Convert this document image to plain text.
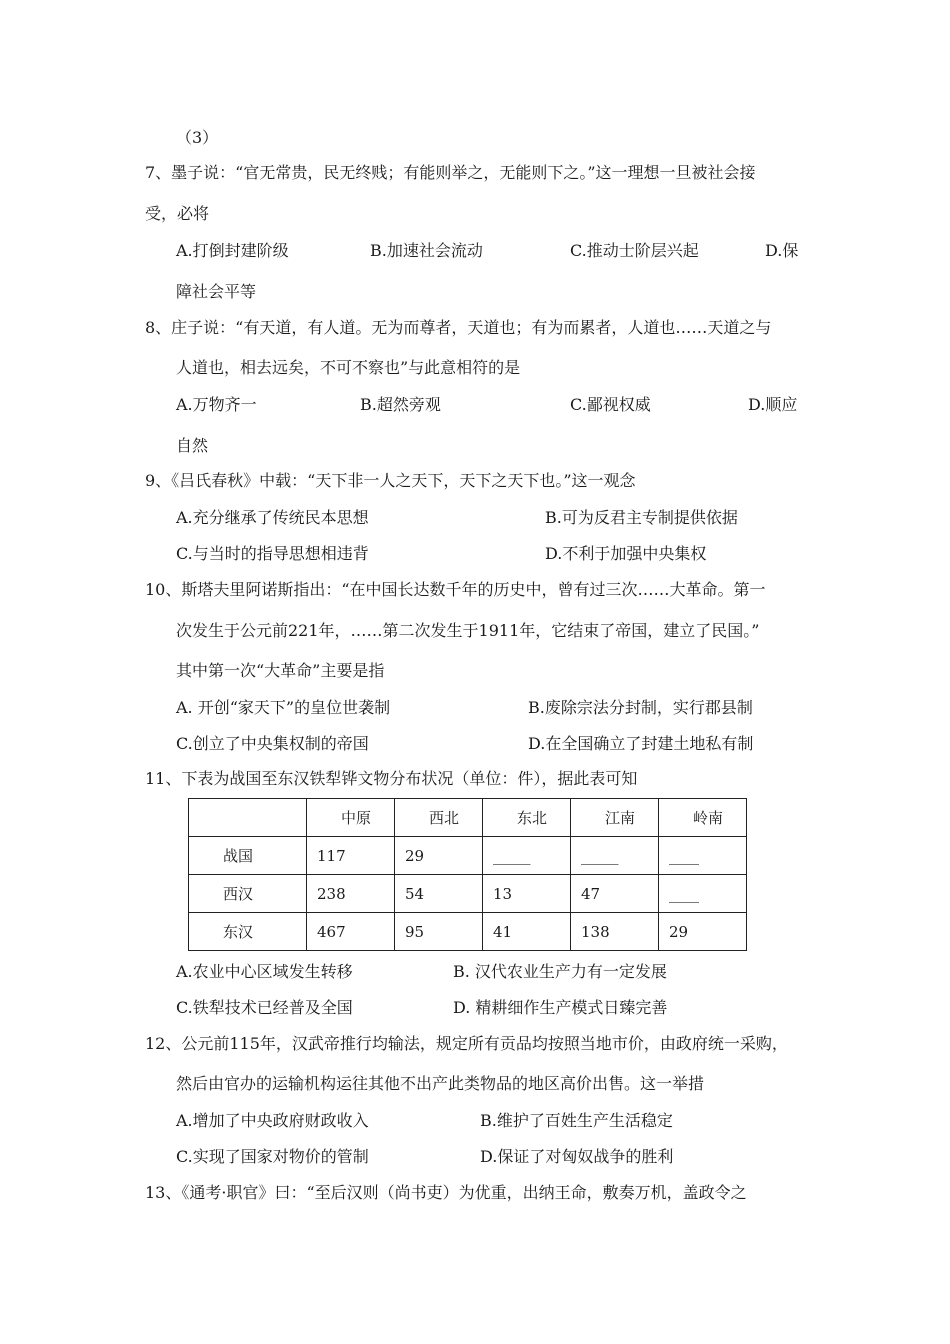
（3）
7、墨子说：“官无常贵，民无终贱；有能则举之，无能则下之。”这一理想一旦被社会接
受，必将
A.打倒封建阶级	B.加速社会流动	C.推动士阶层兴起	D.保
障社会平等
8、庄子说：“有天道，有人道。无为而尊者，天道也；有为而累者，人道也……天道之与
人道也，相去远矣，不可不察也”与此意相符的是
A.万物齐一	B.超然旁观	C.鄙视权威	D.顺应
自然
9、《吕氏春秋》中载：“天下非一人之天下，天下之天下也。”这一观念
A.充分继承了传统民本思想	B.可为反君主专制提供依据
C.与当时的指导思想相违背	D.不利于加强中央集权
10、斯塔夫里阿诺斯指出：“在中国长达数千年的历史中，曾有过三次……大革命。第一
次发生于公元前221年，……第二次发生于1911年，它结束了帝国，建立了民国。”
其中第一次“大革命”主要是指
A. 开创“家天下”的皇位世袭制	B.废除宗法分封制，实行郡县制
C.创立了中央集权制的帝国	D.在全国确立了封建土地私有制
11、下表为战国至东汉铁犁铧文物分布状况（单位：件），据此表可知
	中原	西北	东北	江南	岭南
战国	117	29	_____	_____	____
西汉	238	54	13	47	____
东汉	467	95	41	138	29
A.农业中心区域发生转移	B. 汉代农业生产力有一定发展
C.铁犁技术已经普及全国	D. 精耕细作生产模式日臻完善
12、公元前115年，汉武帝推行均输法，规定所有贡品均按照当地市价，由政府统一采购，
然后由官办的运输机构运往其他不出产此类物品的地区高价出售。这一举措
A.增加了中央政府财政收入	B.维护了百姓生产生活稳定
C.实现了国家对物价的管制	D.保证了对匈奴战争的胜利
13、《通考·职官》曰：“至后汉则（尚书吏）为优重，出纳王命，敷奏万机，盖政令之
